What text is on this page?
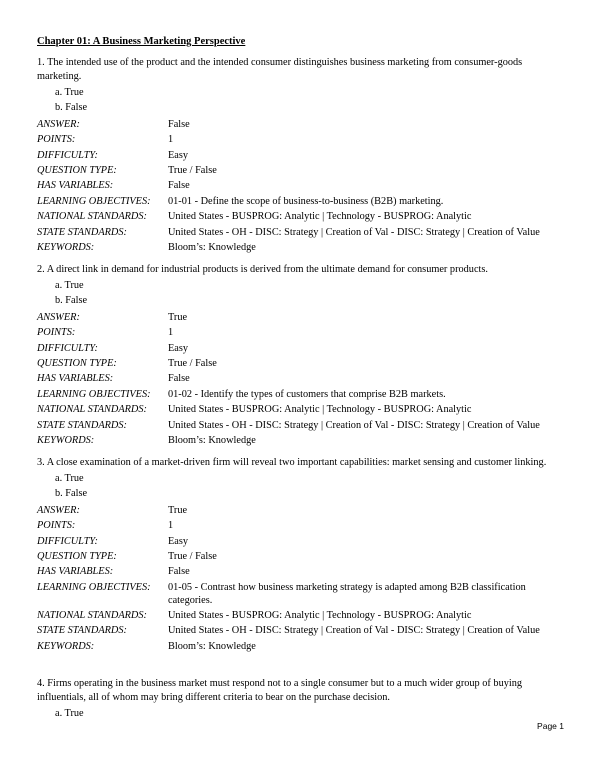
Chapter 01: A Business Marketing Perspective

1. The intended use of the product and the intended consumer distinguishes business marketing from consumer-goods marketing.

a. True
b. False
ANSWER:	False
POINTS:	1
DIFFICULTY:	Easy
QUESTION TYPE:	True / False
HAS VARIABLES:	False
LEARNING OBJECTIVES:	01-01 - Define the scope of business-to-business (B2B) marketing.
NATIONAL STANDARDS:	United States - BUSPROG: Analytic | Technology - BUSPROG: Analytic
STATE STANDARDS:	United States - OH - DISC: Strategy | Creation of Val - DISC: Strategy | Creation of Value
KEYWORDS:	Bloom’s: Knowledge

2. A direct link in demand for industrial products is derived from the ultimate demand for consumer products.

a. True
b. False
ANSWER:	True
POINTS:	1
DIFFICULTY:	Easy
QUESTION TYPE:	True / False
HAS VARIABLES:	False
LEARNING OBJECTIVES:	01-02 - Identify the types of customers that comprise B2B markets.
NATIONAL STANDARDS:	United States - BUSPROG: Analytic | Technology - BUSPROG: Analytic
STATE STANDARDS:	United States - OH - DISC: Strategy | Creation of Val - DISC: Strategy | Creation of Value
KEYWORDS:	Bloom’s: Knowledge

3. A close examination of a market-driven firm will reveal two important capabilities: market sensing and customer linking.

a. True
b. False
ANSWER:	True
POINTS:	1
DIFFICULTY:	Easy
QUESTION TYPE:	True / False
HAS VARIABLES:	False
LEARNING OBJECTIVES:	01-05 - Contrast how business marketing strategy is adapted among B2B classification categories.
NATIONAL STANDARDS:	United States - BUSPROG: Analytic | Technology - BUSPROG: Analytic
STATE STANDARDS:	United States - OH - DISC: Strategy | Creation of Val - DISC: Strategy | Creation of Value
KEYWORDS:	Bloom’s: Knowledge

4. Firms operating in the business market must respond not to a single consumer but to a much wider group of buying influentials, all of whom may bring different criteria to bear on the purchase decision.

a. True
Page 1
